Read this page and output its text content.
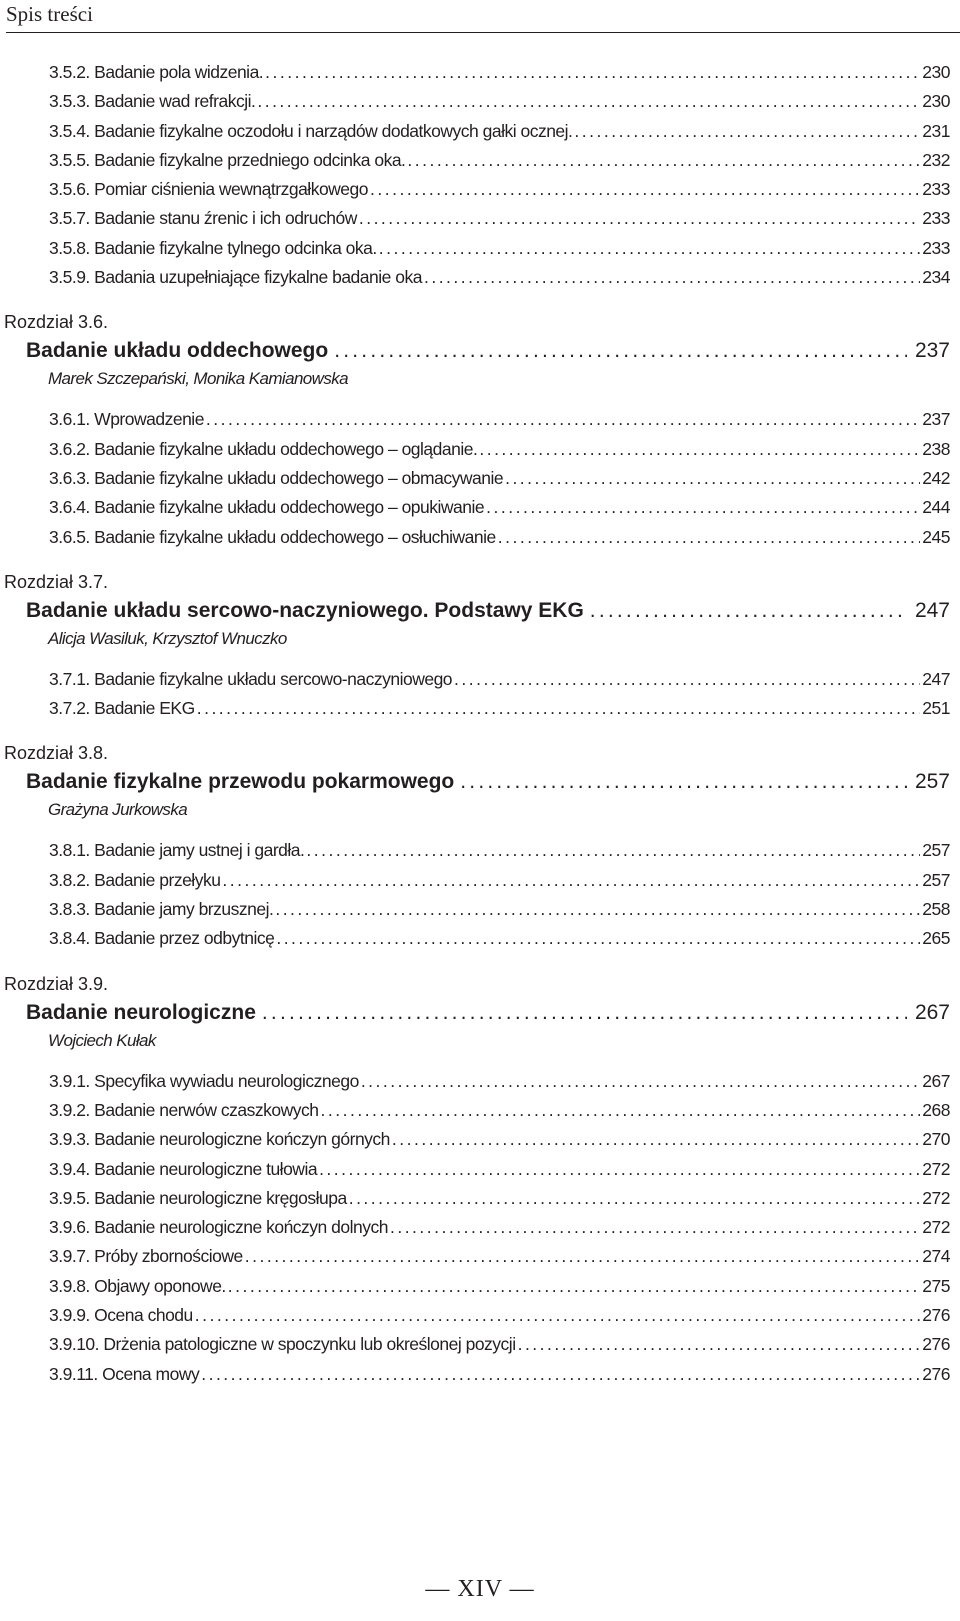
Spis treści
3.5.2. Badanie pola widzenia. .....	230
3.5.3. Badanie wad refrakcji. .....	230
3.5.4. Badanie fizykalne oczodołu i narządów dodatkowych gałki ocznej. .....	231
3.5.5. Badanie fizykalne przedniego odcinka oka. .....	232
3.5.6. Pomiar ciśnienia wewnątrzgałkowego .....	233
3.5.7. Badanie stanu źrenic i ich odruchów .....	233
3.5.8. Badanie fizykalne tylnego odcinka oka. .....	233
3.5.9. Badania uzupełniające fizykalne badanie oka .....	234
Rozdział 3.6.
Badanie układu oddechowego .....	237
Marek Szczepański, Monika Kamianowska
3.6.1. Wprowadzenie .....	237
3.6.2. Badanie fizykalne układu oddechowego – oglądanie. .....	238
3.6.3. Badanie fizykalne układu oddechowego – obmacywanie .....	242
3.6.4. Badanie fizykalne układu oddechowego – opukiwanie .....	244
3.6.5. Badanie fizykalne układu oddechowego – osłuchiwanie .....	245
Rozdział 3.7.
Badanie układu sercowo-naczyniowego. Podstawy EKG .....	247
Alicja Wasiluk, Krzysztof Wnuczko
3.7.1. Badanie fizykalne układu sercowo-naczyniowego .....	247
3.7.2. Badanie EKG .....	251
Rozdział 3.8.
Badanie fizykalne przewodu pokarmowego .....	257
Grażyna Jurkowska
3.8.1. Badanie jamy ustnej i gardła. .....	257
3.8.2. Badanie przełyku .....	257
3.8.3. Badanie jamy brzusznej. .....	258
3.8.4. Badanie przez odbytnicę .....	265
Rozdział 3.9.
Badanie neurologiczne .....	267
Wojciech Kułak
3.9.1. Specyfika wywiadu neurologicznego .....	267
3.9.2. Badanie nerwów czaszkowych .....	268
3.9.3. Badanie neurologiczne kończyn górnych .....	270
3.9.4. Badanie neurologiczne tułowia .....	272
3.9.5. Badanie neurologiczne kręgosłupa .....	272
3.9.6. Badanie neurologiczne kończyn dolnych .....	272
3.9.7. Próby zbornościowe .....	274
3.9.8. Objawy oponowe. .....	275
3.9.9. Ocena chodu .....	276
3.9.10. Drżenia patologiczne w spoczynku lub określonej pozycji .....	276
3.9.11. Ocena mowy .....	276
— XIV —
